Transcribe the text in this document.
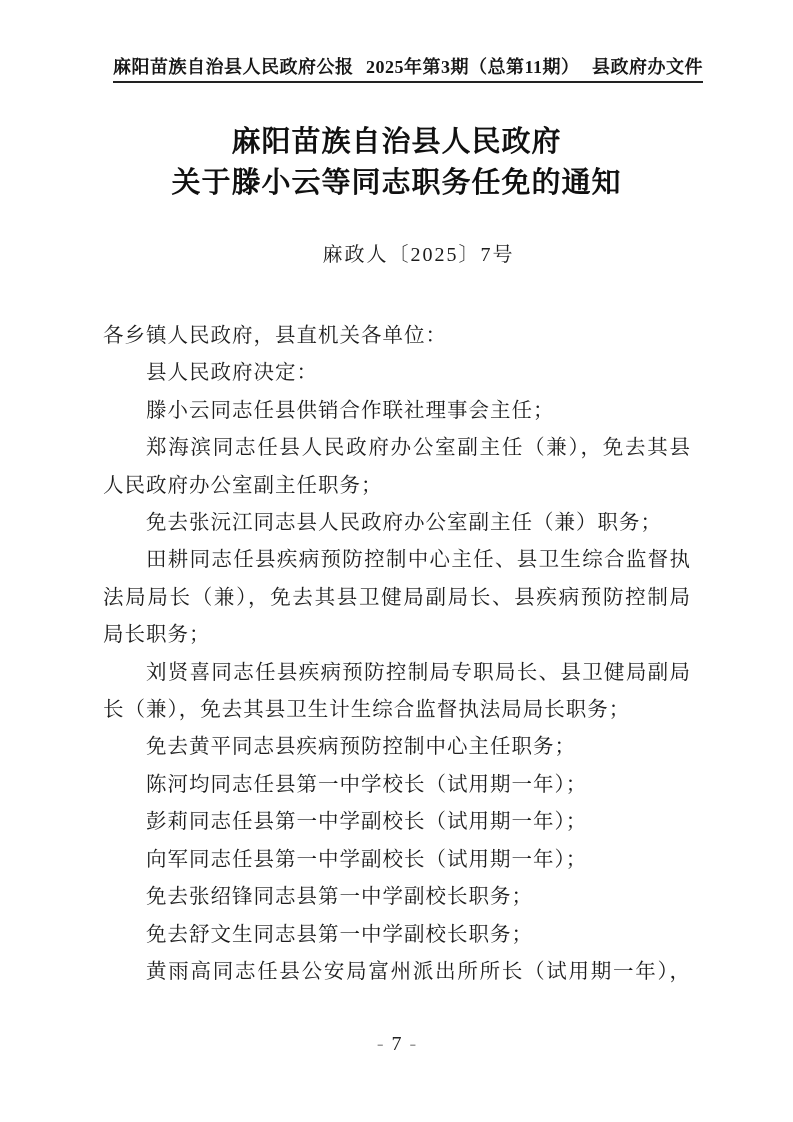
麻阳苗族自治县人民政府公报 2025年第3期（总第11期） 县政府办文件
麻阳苗族自治县人民政府
关于滕小云等同志职务任免的通知
麻政人〔2025〕7号
各乡镇人民政府，县直机关各单位：
县人民政府决定：
滕小云同志任县供销合作联社理事会主任；
郑海滨同志任县人民政府办公室副主任（兼），免去其县
人民政府办公室副主任职务；
免去张沅江同志县人民政府办公室副主任（兼）职务；
田耕同志任县疾病预防控制中心主任、县卫生综合监督执
法局局长（兼），免去其县卫健局副局长、县疾病预防控制局
局长职务；
刘贤喜同志任县疾病预防控制局专职局长、县卫健局副局
长（兼），免去其县卫生计生综合监督执法局局长职务；
免去黄平同志县疾病预防控制中心主任职务；
陈河均同志任县第一中学校长（试用期一年）；
彭莉同志任县第一中学副校长（试用期一年）；
向军同志任县第一中学副校长（试用期一年）；
免去张绍锋同志县第一中学副校长职务；
免去舒文生同志县第一中学副校长职务；
黄雨高同志任县公安局富州派出所所长（试用期一年），
- 7 -
